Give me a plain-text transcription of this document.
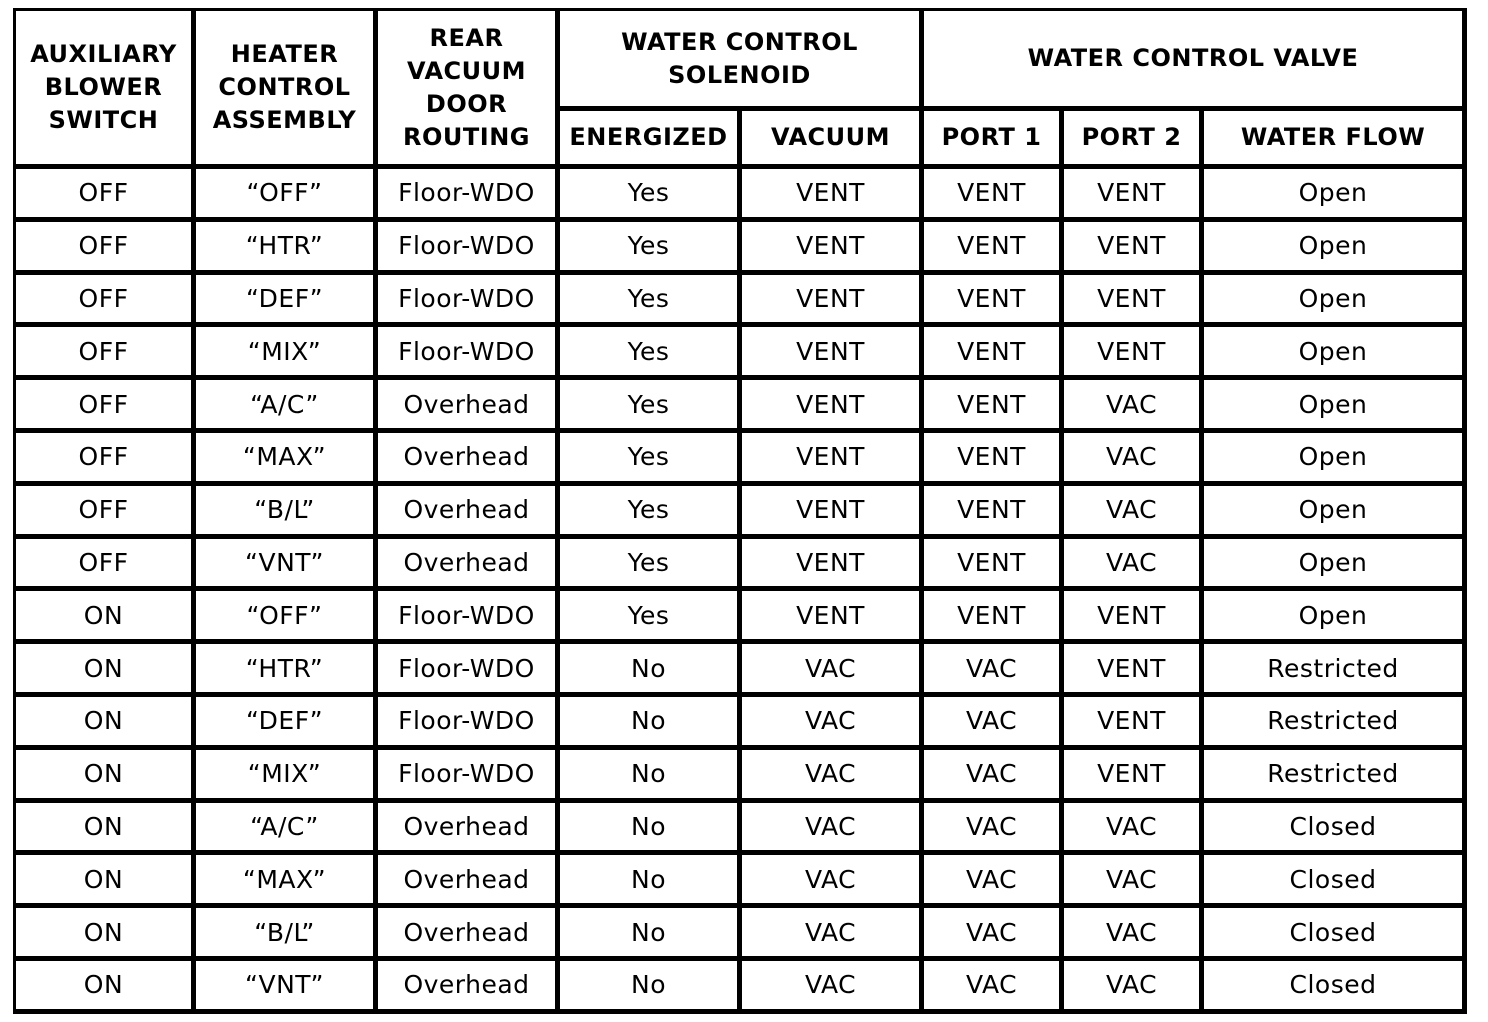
AUXILIARY
BLOWER
SWITCH	HEATER
CONTROL
ASSEMBLY	REAR
VACUUM
DOOR
ROUTING	WATER CONTROL
SOLENOID		WATER CONTROL VALVE		
			ENERGIZED	VACUUM	PORT 1	PORT 2	WATER FLOW
OFF	“OFF”	Floor-WDO	Yes	VENT	VENT	VENT	Open
OFF	“HTR”	Floor-WDO	Yes	VENT	VENT	VENT	Open
OFF	“DEF”	Floor-WDO	Yes	VENT	VENT	VENT	Open
OFF	“MIX”	Floor-WDO	Yes	VENT	VENT	VENT	Open
OFF	“A/C”	Overhead	Yes	VENT	VENT	VAC	Open
OFF	“MAX”	Overhead	Yes	VENT	VENT	VAC	Open
OFF	“B/L”	Overhead	Yes	VENT	VENT	VAC	Open
OFF	“VNT”	Overhead	Yes	VENT	VENT	VAC	Open
ON	“OFF”	Floor-WDO	Yes	VENT	VENT	VENT	Open
ON	“HTR”	Floor-WDO	No	VAC	VAC	VENT	Restricted
ON	“DEF”	Floor-WDO	No	VAC	VAC	VENT	Restricted
ON	“MIX”	Floor-WDO	No	VAC	VAC	VENT	Restricted
ON	“A/C”	Overhead	No	VAC	VAC	VAC	Closed
ON	“MAX”	Overhead	No	VAC	VAC	VAC	Closed
ON	“B/L”	Overhead	No	VAC	VAC	VAC	Closed
ON	“VNT”	Overhead	No	VAC	VAC	VAC	Closed
